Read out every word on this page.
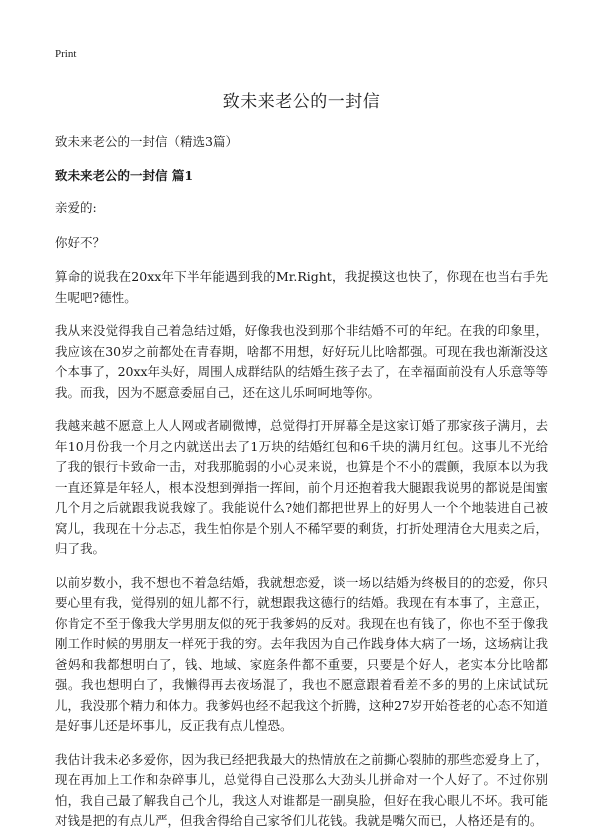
Print
致未来老公的一封信

致未来老公的一封信（精选3篇）

致未来老公的一封信 篇1

亲爱的:

你好不？

算命的说我在20xx年下半年能遇到我的Mr.Right，我捉摸这也快了，你现在也当右手先生呢吧?德性。

我从来没觉得我自己着急结过婚，好像我也没到那个非结婚不可的年纪。在我的印象里，我应该在30岁之前都处在青春期，啥都不用想，好好玩儿比啥都强。可现在我也渐渐没这个本事了，20xx年头好，周围人成群结队的结婚生孩子去了，在幸福面前没有人乐意等等我。而我，因为不愿意委屈自己，还在这儿乐呵呵地等你。

我越来越不愿意上人人网或者刷微博，总觉得打开屏幕全是这家订婚了那家孩子满月，去年10月份我一个月之内就送出去了1万块的结婚红包和6千块的满月红包。这事儿不光给了我的银行卡致命一击，对我那脆弱的小心灵来说，也算是个不小的震颤，我原本以为我一直还算是年轻人，根本没想到弹指一挥间，前个月还抱着我大腿跟我说男的都说是闺蜜几个月之后就跟我说我嫁了。我能说什么?她们都把世界上的好男人一个个地装进自己被窝儿，我现在十分忐忑，我生怕你是个别人不稀罕要的剩货，打折处理清仓大甩卖之后，归了我。

以前岁数小，我不想也不着急结婚，我就想恋爱，谈一场以结婚为终极目的的恋爱，你只要心里有我，觉得别的妞儿都不行，就想跟我这德行的结婚。我现在有本事了，主意正，你肯定不至于像我大学男朋友似的死于我爹妈的反对。我现在也有钱了，你也不至于像我刚工作时候的男朋友一样死于我的穷。去年我因为自己作践身体大病了一场，这场病让我爸妈和我都想明白了，钱、地域、家庭条件都不重要，只要是个好人，老实本分比啥都强。我也想明白了，我懒得再去夜场混了，我也不愿意跟着看差不多的男的上床试试玩儿，我没那个精力和体力。我爹妈也经不起我这个折腾，这种27岁开始苍老的心态不知道是好事儿还是坏事儿，反正我有点儿惶恐。

我估计我未必多爱你，因为我已经把我最大的热情放在之前撕心裂肺的那些恋爱身上了，现在再加上工作和杂碎事儿，总觉得自己没那么大劲头儿拼命对一个人好了。不过你别怕，我自己最了解我自己个儿，我这人对谁都是一副臭脸，但好在我心眼儿不坏。我可能对钱是把的有点儿严，但我舍得给自己家爷们儿花钱。我就是嘴欠而已，人格还是有的。
